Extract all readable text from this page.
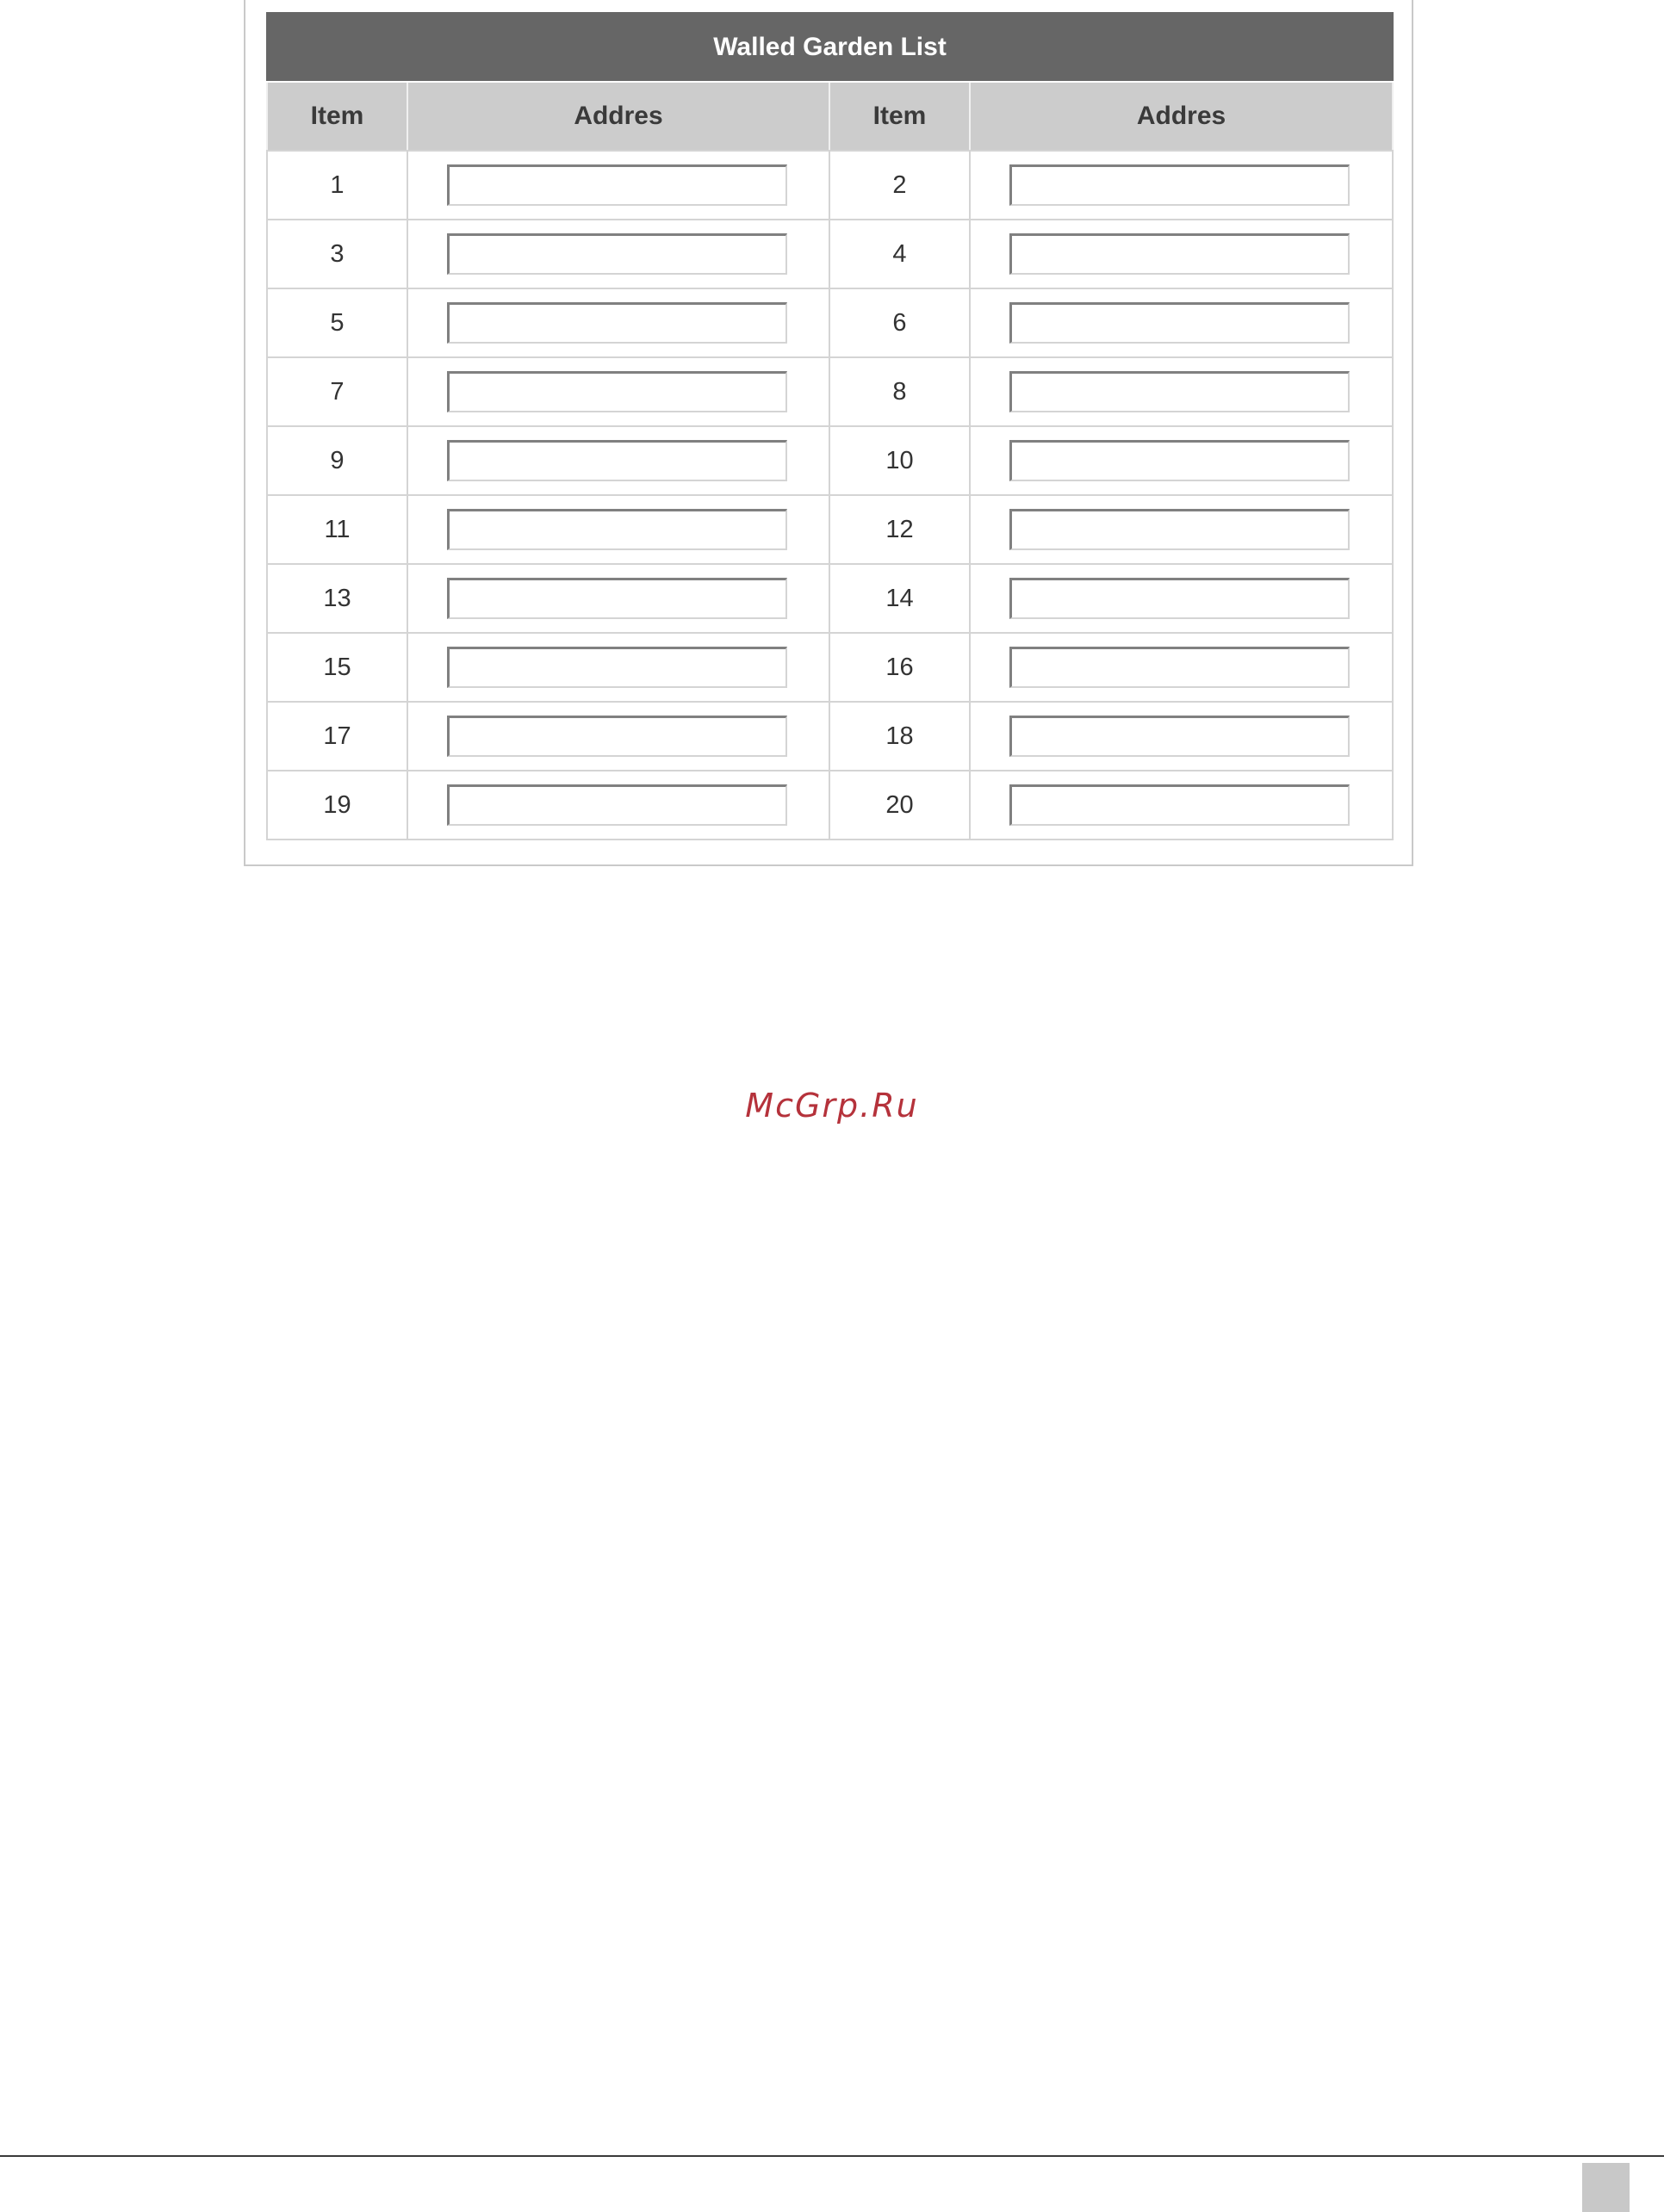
Walled Garden List			
Item	Addres	Item	Addres
1		2	

3		4	

5		6	

7		8	

9		10	

11		12	

13		14	

15		16	

17		18	

19		20	
McGrp.Ru
